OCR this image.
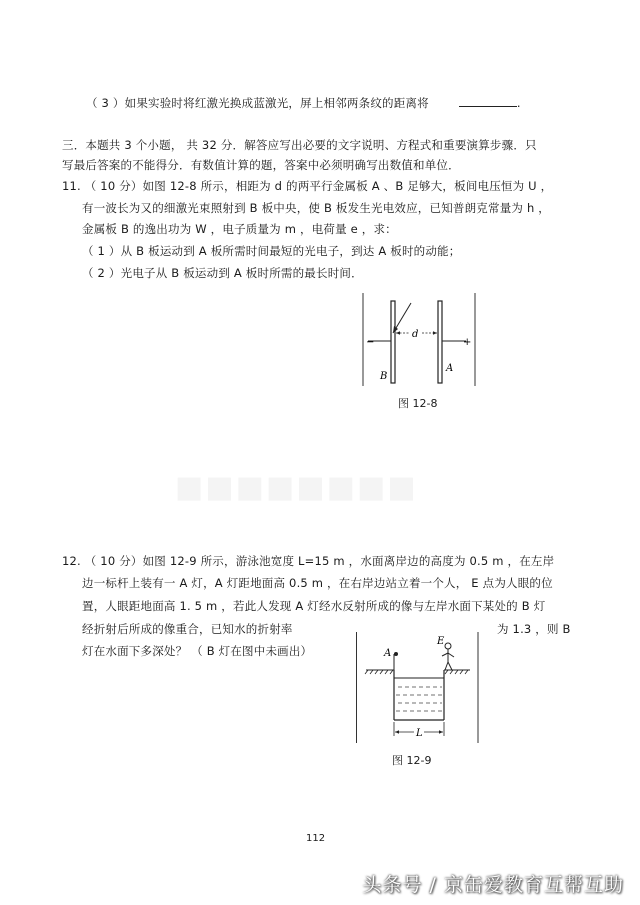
（ 3 ）如果实验时将红激光换成蓝激光，屏上相邻两条纹的距离将	.
三．本题共 3 个小题， 共 32 分．解答应写出必要的文字说明、方程式和重要演算步骤．只
写最后答案的不能得分．有数值计算的题，答案中必须明确写出数值和单位．
11. （ 10 分）如图 12-8 所示，相距为 d 的两平行金属板 A 、B 足够大，板间电压恒为 U ，
有一波长为又的细激光束照射到 B 板中央，使 B 板发生光电效应，已知普朗克常量为 h ，
金属板 B 的逸出功为 W ，电子质量为 m ，电荷量 e ，求：
（ 1 ）从 B 板运动到 A 板所需时间最短的光电子，到达 A 板时的动能；
（ 2 ）光电子从 B 板运动到 A 板时所需的最长时间．
d
−	+
B
A
图 12-8
■■■■■■■■
12. （ 10 分）如图 12-9 所示，游泳池宽度 L=15 m ，水面离岸边的高度为 0.5 m ，在左岸
边一标杆上装有一 A 灯，A 灯距地面高 0.5 m ，在右岸边站立着一个人， E 点为人眼的位
置，人眼距地面高 1. 5 m ，若此人发现 A 灯经水反射所成的像与左岸水面下某处的 B 灯
经折射后所成的像重合，已知水的折射率	为 1.3 ，则 B
灯在水面下多深处？ （ B 灯在图中未画出）	A
E
L
图 12-9
112
头条号 / 京缶爱教育互帮互助
